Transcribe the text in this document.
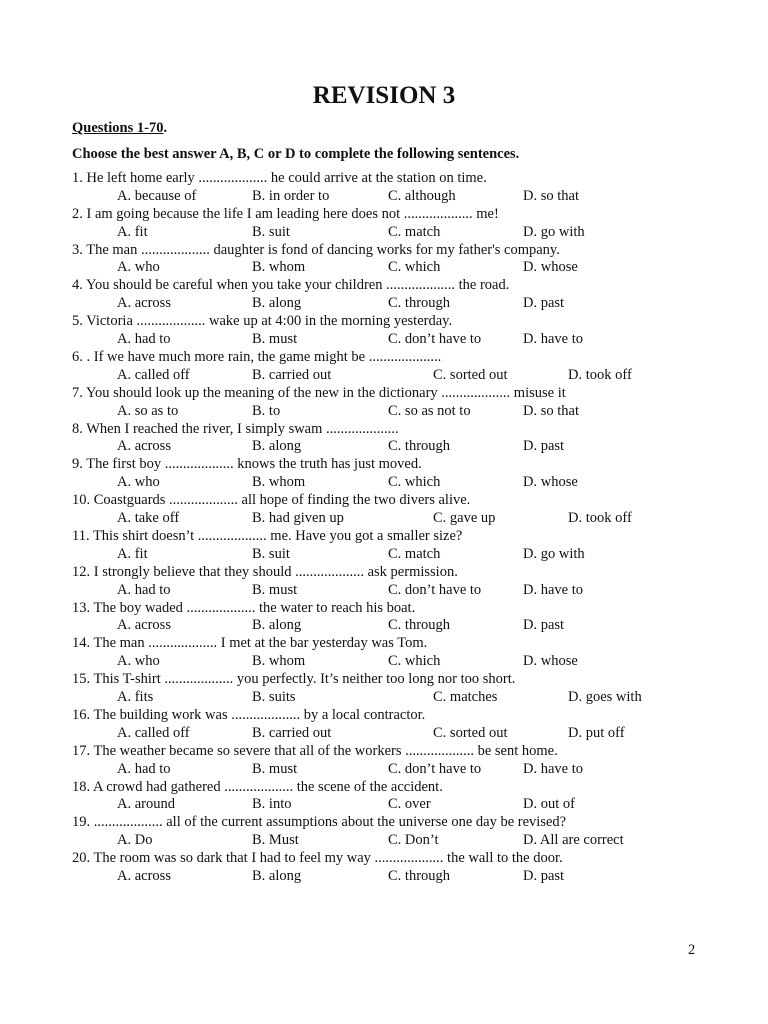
REVISION 3
Questions 1-70.
Choose the best answer A, B, C or D to complete the following sentences.
1. He left home early ................... he could arrive at the station on time.
A. because of	B. in order to	C. although	D. so that
2. I am going because the life I am leading here does not ................... me!
A. fit	B. suit	C. match	D. go with
3. The man ................... daughter is fond of dancing works for my father's company.
A. who	B. whom	C. which	D. whose
4. You should be careful when you take your children ................... the road.
A. across	B. along	C. through	D. past
5. Victoria ................... wake up at 4:00 in the morning yesterday.
A. had to	B. must	C. don’t have to	D. have to
6. . If we have much more rain, the game might be ....................
A. called off	B. carried out	C. sorted out	D. took off
7. You should look up the meaning of the new in the dictionary ................... misuse it
A. so as to	B. to	C. so as not to	D. so that
8. When I reached the river, I simply swam ....................
A. across	B. along	C. through	D. past
9. The first boy ................... knows the truth has just moved.
A. who	B. whom	C. which	D. whose
10. Coastguards ................... all hope of finding the two divers alive.
A. take off	B. had given up	C. gave up	D. took off
11. This shirt doesn’t ................... me. Have you got a smaller size?
A. fit	B. suit	C. match	D. go with
12. I strongly believe that they should ................... ask permission.
A. had to	B. must	C. don’t have to	D. have to
13. The boy waded ................... the water to reach his boat.
A. across	B. along	C. through	D. past
14. The man ................... I met at the bar yesterday was Tom.
A. who	B. whom	C. which	D. whose
15. This T-shirt ................... you perfectly. It’s neither too long nor too short.
A. fits	B. suits	C. matches	D. goes with
16. The building work was ................... by a local contractor.
A. called off	B. carried out	C. sorted out	D. put off
17. The weather became so severe that all of the workers ................... be sent home.
A. had to	B. must	C. don’t have to	D. have to
18. A crowd had gathered ................... the scene of the accident.
A. around	B. into	C. over	D. out of
19. ................... all of the current assumptions about the universe one day be revised?
A. Do	B. Must	C. Don’t	D. All are correct
20. The room was so dark that I had to feel my way ................... the wall to the door.
A. across	B. along	C. through	D. past
2
